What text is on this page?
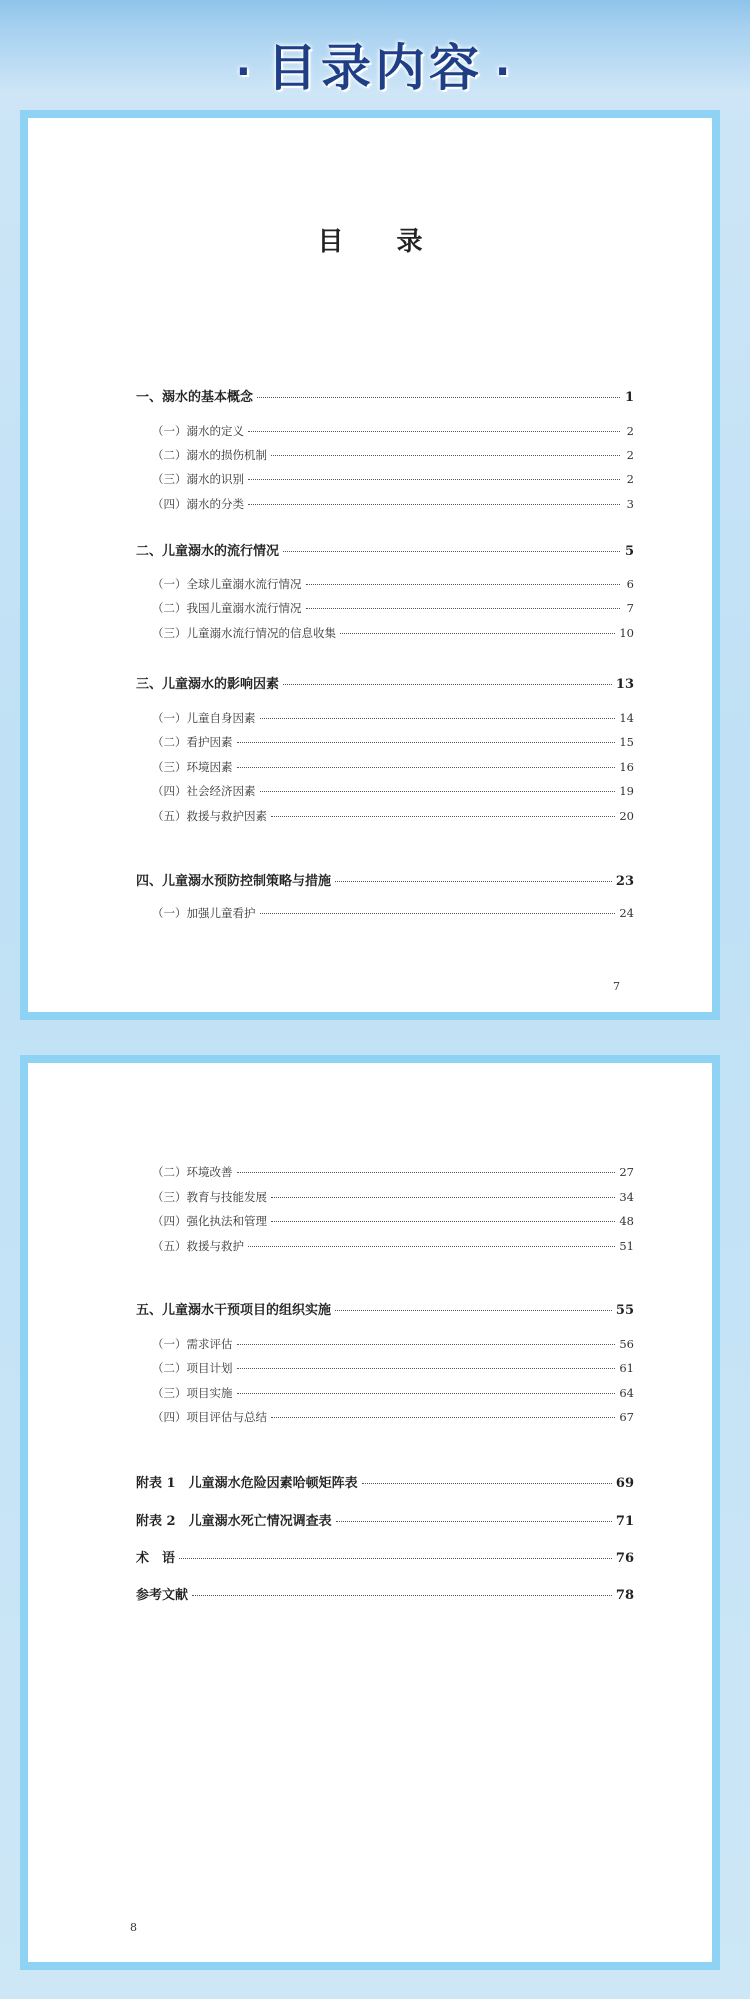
· 目录内容 ·
目 录
一、溺水的基本概念	1
（一）溺水的定义	2
（二）溺水的损伤机制	2
（三）溺水的识别	2
（四）溺水的分类	3
二、儿童溺水的流行情况	5
（一）全球儿童溺水流行情况	6
（二）我国儿童溺水流行情况	7
（三）儿童溺水流行情况的信息收集	10
三、儿童溺水的影响因素	13
（一）儿童自身因素	14
（二）看护因素	15
（三）环境因素	16
（四）社会经济因素	19
（五）救援与救护因素	20
四、儿童溺水预防控制策略与措施	23
（一）加强儿童看护	24
7
（二）环境改善	27
（三）教育与技能发展	34
（四）强化执法和管理	48
（五）救援与救护	51
五、儿童溺水干预项目的组织实施	55
（一）需求评估	56
（二）项目计划	61
（三）项目实施	64
（四）项目评估与总结	67
附表 1　儿童溺水危险因素哈顿矩阵表	69
附表 2　儿童溺水死亡情况调查表	71
术　语	76
参考文献	78
8
